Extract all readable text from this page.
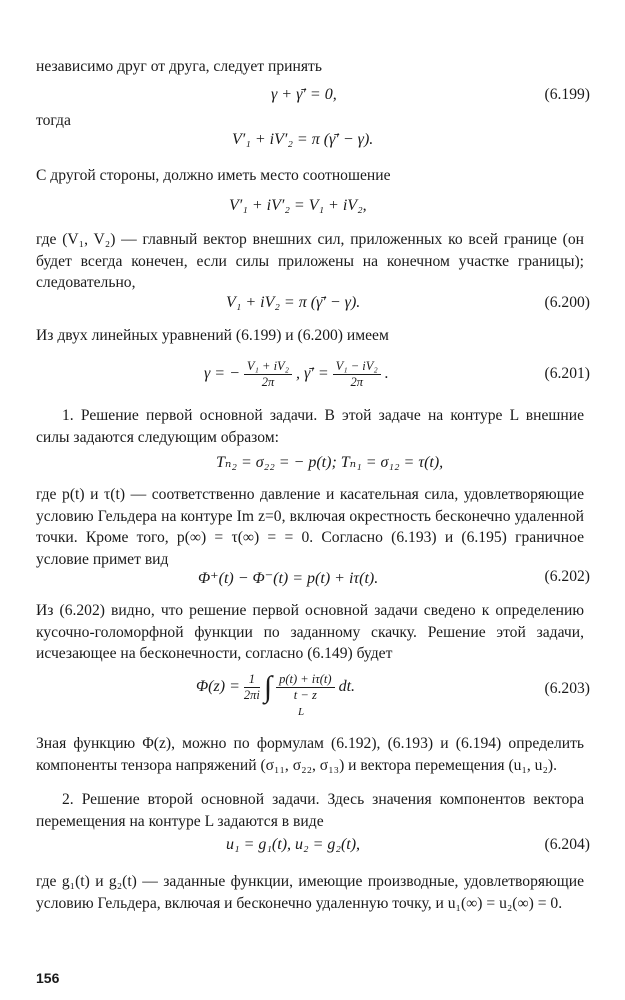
независимо друг от друга, следует принять

γ + γ̄′ = 0,	(6.199)

тогда

V′₁ + iV′₂ = π (γ̄′ − γ).

С другой стороны, должно иметь место соотношение

V′₁ + iV′₂ = V₁ + iV₂,

где (V₁, V₂) — главный вектор внешних сил, приложенных ко всей границе (он будет всегда конечен, если силы приложены на конечном участке границы); следовательно,

V₁ + iV₂ = π (γ̄′ − γ).	(6.200)

Из двух линейных уравнений (6.199) и (6.200) имеем

γ = − $\frac{\text{V₁ + iV₂}}{2\pi}$ , γ̄′ = $\frac{\text{V₁ − iV₂}}{2\pi}$ .	(6.201)

1. Решение первой основной задачи. В этой задаче на контуре L внешние силы задаются следующим образом:

Tₙ₂ = σ₂₂ = − p(t); Tₙ₁ = σ₁₂ = τ(t),

где p(t) и τ(t) — соответственно давление и касательная сила, удовлетворяющие условию Гельдера на контуре Im z=0, включая окрестность бесконечно удаленной точки. Кроме того, p(∞) = τ(∞) = = 0. Согласно (6.193) и (6.195) граничное условие примет вид

Φ⁺(t) − Φ⁻(t) = p(t) + iτ(t).	(6.202)

Из (6.202) видно, что решение первой основной задачи сведено к определению кусочно-голоморфной функции по заданному скачку. Решение этой задачи, исчезающее на бесконечности, согласно (6.149) будет

$\Phi(z) = \frac{1}{2\pi i}$ ∫ $\frac{p(t) + i\tau(t)}{t - z}$ dt.
L
(6.203)

Зная функцию Φ(z), можно по формулам (6.192), (6.193) и (6.194) определить компоненты тензора напряжений (σ₁₁, σ₂₂, σ₁₃) и вектора перемещения (u₁, u₂).

2. Решение второй основной задачи. Здесь значения компонентов вектора перемещения на контуре L задаются в виде

u₁ = g₁(t), u₂ = g₂(t),	(6.204)

где g₁(t) и g₂(t) — заданные функции, имеющие производные, удовлетворяющие условию Гельдера, включая и бесконечно удаленную точку, и u₁(∞) = u₂(∞) = 0.

156
